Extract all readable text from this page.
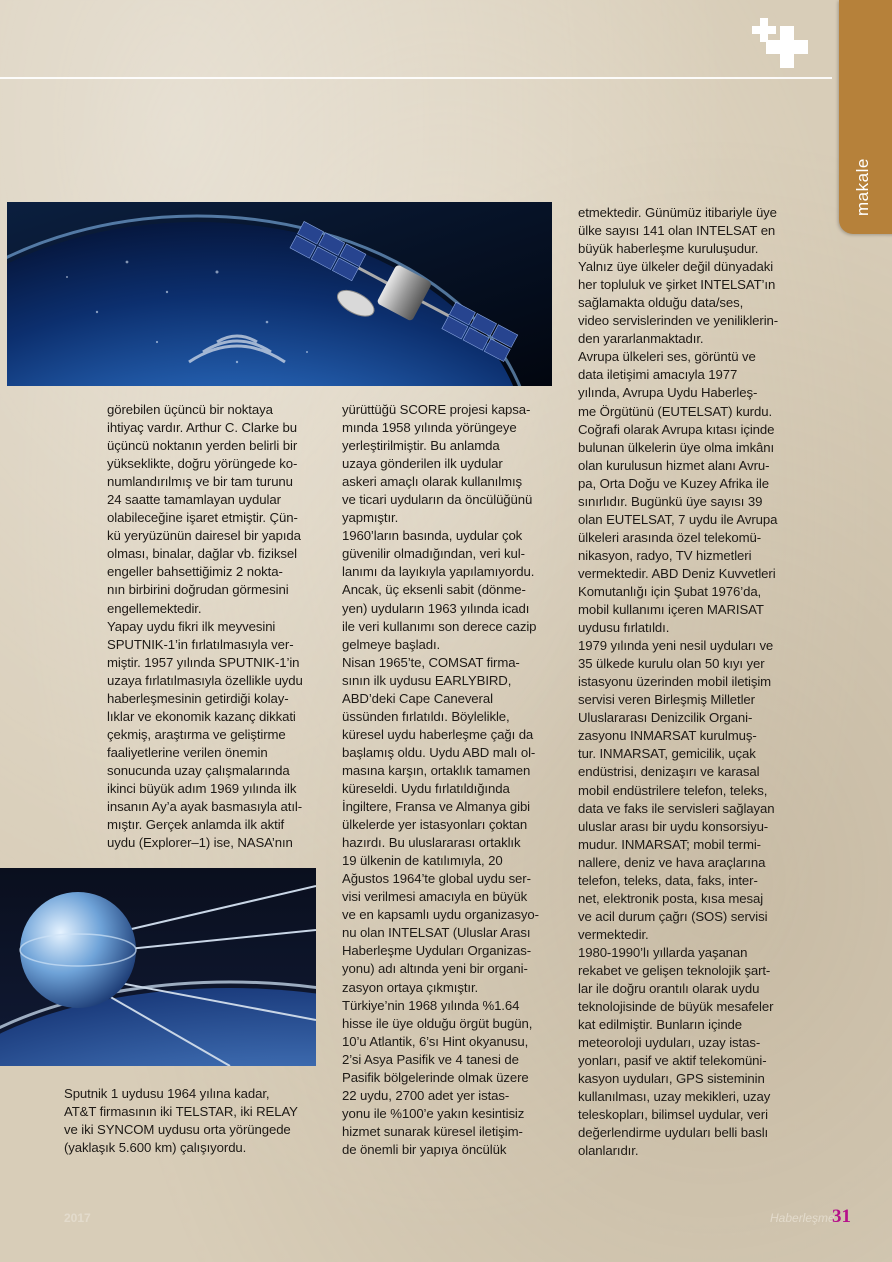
makale
görebilen üçüncü bir noktaya
ihtiyaç vardır. Arthur C. Clarke bu
üçüncü noktanın yerden belirli bir
yükseklikte, doğru yörüngede ko-
numlandırılmış ve bir tam turunu
24 saatte tamamlayan uydular
olabileceğine işaret etmiştir. Çün-
kü yeryüzünün dairesel bir yapıda
olması, binalar, dağlar vb. fiziksel
engeller bahsettiğimiz 2 nokta-
nın birbirini doğrudan görmesini
engellemektedir.
Yapay uydu fikri ilk meyvesini
SPUTNIK-1’in fırlatılmasıyla ver-
miştir. 1957 yılında SPUTNIK-1’in
uzaya fırlatılmasıyla özellikle uydu
haberleşmesinin getirdiği kolay-
lıklar ve ekonomik kazanç dikkati
çekmiş, araştırma ve geliştirme
faaliyetlerine verilen önemin
sonucunda uzay çalışmalarında
ikinci büyük adım 1969 yılında ilk
insanın Ay’a ayak basmasıyla atıl-
mıştır. Gerçek anlamda ilk aktif
uydu (Explorer–1) ise, NASA’nın
yürüttüğü SCORE projesi kapsa-
mında 1958 yılında yörüngeye
yerleştirilmiştir. Bu anlamda
uzaya gönderilen ilk uydular
askeri amaçlı olarak kullanılmış
ve ticari uyduların da öncülüğünü
yapmıştır.
1960’ların basında, uydular çok
güvenilir olmadığından, veri kul-
lanımı da layıkıyla yapılamıyordu.
Ancak, üç eksenli sabit (dönme-
yen) uyduların 1963 yılında icadı
ile veri kullanımı son derece cazip
gelmeye başladı.
Nisan 1965’te, COMSAT firma-
sının ilk uydusu EARLYBIRD,
ABD’deki Cape Caneveral
üssünden fırlatıldı. Böylelikle,
küresel uydu haberleşme çağı da
başlamış oldu. Uydu ABD malı ol-
masına karşın, ortaklık tamamen
küreseldi. Uydu fırlatıldığında
İngiltere, Fransa ve Almanya gibi
ülkelerde yer istasyonları çoktan
hazırdı. Bu uluslararası ortaklık
19 ülkenin de katılımıyla, 20
Ağustos 1964’te global uydu ser-
visi verilmesi amacıyla en büyük
ve en kapsamlı uydu organizasyo-
nu olan INTELSAT (Uluslar Arası
Haberleşme Uyduları Organizas-
yonu) adı altında yeni bir organi-
zasyon ortaya çıkmıştır.
Türkiye’nin 1968 yılında %1.64
hisse ile üye olduğu örgüt bugün,
10’u Atlantik, 6’sı Hint okyanusu,
2’si Asya Pasifik ve 4 tanesi de
Pasifik bölgelerinde olmak üzere
22 uydu, 2700 adet yer istas-
yonu ile %100’e yakın kesintisiz
hizmet sunarak küresel iletişim-
de önemli bir yapıya öncülük
etmektedir. Günümüz itibariyle üye
ülke sayısı 141 olan INTELSAT en
büyük haberleşme kuruluşudur.
Yalnız üye ülkeler değil dünyadaki
her topluluk ve şirket INTELSAT’ın
sağlamakta olduğu data/ses,
video servislerinden ve yeniliklerin-
den yararlanmaktadır.
Avrupa ülkeleri ses, görüntü ve
data iletişimi amacıyla 1977
yılında, Avrupa Uydu Haberleş-
me Örgütünü (EUTELSAT) kurdu.
Coğrafi olarak Avrupa kıtası içinde
bulunan ülkelerin üye olma imkânı
olan kurulusun hizmet alanı Avru-
pa, Orta Doğu ve Kuzey Afrika ile
sınırlıdır. Bugünkü üye sayısı 39
olan EUTELSAT, 7 uydu ile Avrupa
ülkeleri arasında özel telekomü-
nikasyon, radyo, TV hizmetleri
vermektedir. ABD Deniz Kuvvetleri
Komutanlığı için Şubat 1976’da,
mobil kullanımı içeren MARISAT
uydusu fırlatıldı.
1979 yılında yeni nesil uyduları ve
35 ülkede kurulu olan 50 kıyı yer
istasyonu üzerinden mobil iletişim
servisi veren Birleşmiş Milletler
Uluslararası Denizcilik Organi-
zasyonu INMARSAT kurulmuş-
tur. INMARSAT, gemicilik, uçak
endüstrisi, denizaşırı ve karasal
mobil endüstrilere telefon, teleks,
data ve faks ile servisleri sağlayan
uluslar arası bir uydu konsorsiyu-
mudur. INMARSAT; mobil termi-
nallere, deniz ve hava araçlarına
telefon, teleks, data, faks, inter-
net, elektronik posta, kısa mesaj
ve acil durum çağrı (SOS) servisi
vermektedir.
1980-1990’lı yıllarda yaşanan
rekabet ve gelişen teknolojik şart-
lar ile doğru orantılı olarak uydu
teknolojisinde de büyük mesafeler
kat edilmiştir. Bunların içinde
meteoroloji uyduları, uzay istas-
yonları, pasif ve aktif telekomüni-
kasyon uyduları, GPS sisteminin
kullanılması, uzay mekikleri, uzay
teleskopları, bilimsel uydular, veri
değerlendirme uyduları belli baslı
olanlarıdır.
Sputnik 1 uydusu 1964 yılına kadar,
AT&T firmasının iki TELSTAR, iki RELAY
ve iki SYNCOM uydusu orta yörüngede
(yaklaşık 5.600 km) çalışıyordu.
2017	Haberleşme
31
